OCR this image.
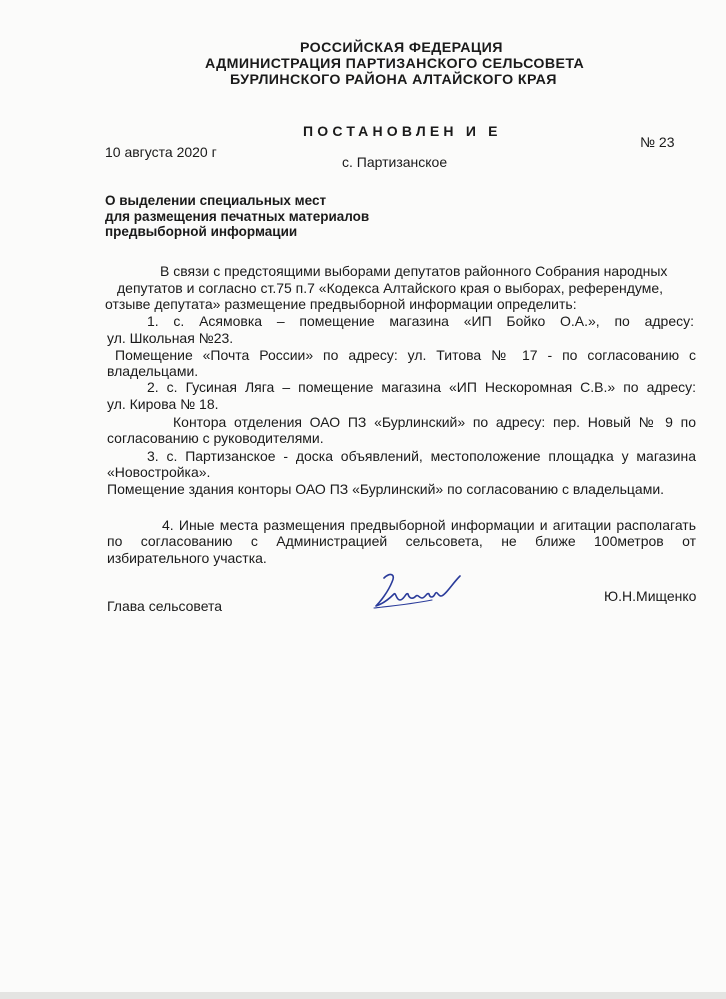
РОССИЙСКАЯ ФЕДЕРАЦИЯ
АДМИНИСТРАЦИЯ ПАРТИЗАНСКОГО СЕЛЬСОВЕТА
БУРЛИНСКОГО РАЙОНА АЛТАЙСКОГО КРАЯ
ПОСТАНОВЛЕН И Е
№ 23
10 августа 2020 г
с. Партизанское
О выделении специальных мест
для размещения печатных материалов
предвыборной информации
В связи с предстоящими выборами депутатов районного Собрания народных
депутатов и согласно ст.75 п.7 «Кодекса Алтайского края о выборах, референдуме,
отзыве депутата» размещение предвыборной информации определить:
1. с. Асямовка – помещение магазина «ИП Бойко О.А.», по адресу:
ул. Школьная №23.
Помещение «Почта России» по адресу: ул. Титова № 17 - по согласованию с
владельцами.
2. с. Гусиная Ляга – помещение магазина «ИП Нескоромная С.В.» по адресу:
ул. Кирова № 18.
Контора отделения ОАО ПЗ «Бурлинский» по адресу: пер. Новый № 9 по
согласованию с руководителями.
3. с. Партизанское - доска объявлений, местоположение площадка у магазина
«Новостройка».
Помещение здания конторы ОАО ПЗ «Бурлинский» по согласованию с владельцами.
4. Иные места размещения предвыборной информации и агитации располагать
по согласованию с Администрацией сельсовета, не ближе 100метров от
избирательного участка.
Глава сельсовета
Ю.Н.Мищенко
